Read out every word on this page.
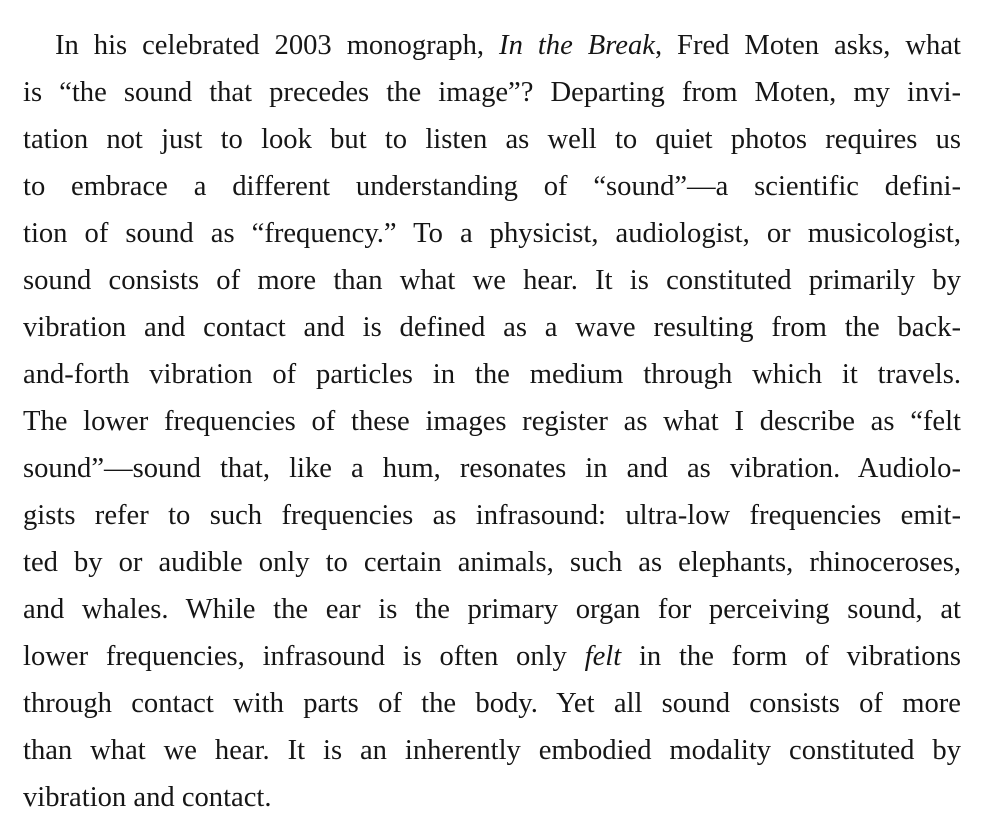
In his celebrated 2003 monograph, In the Break, Fred Moten asks, what
is “the sound that precedes the image”? Departing from Moten, my invi-
tation not just to look but to listen as well to quiet photos requires us
to embrace a different understanding of “sound”—a scientific defini-
tion of sound as “frequency.” To a physicist, audiologist, or musicologist,
sound consists of more than what we hear. It is constituted primarily by
vibration and contact and is defined as a wave resulting from the back-
and-forth vibration of particles in the medium through which it travels.
The lower frequencies of these images register as what I describe as “felt
sound”—sound that, like a hum, resonates in and as vibration. Audiolo-
gists refer to such frequencies as infrasound: ultra-low frequencies emit-
ted by or audible only to certain animals, such as elephants, rhinoceroses,
and whales. While the ear is the primary organ for perceiving sound, at
lower frequencies, infrasound is often only felt in the form of vibrations
through contact with parts of the body. Yet all sound consists of more
than what we hear. It is an inherently embodied modality constituted by
vibration and contact.
